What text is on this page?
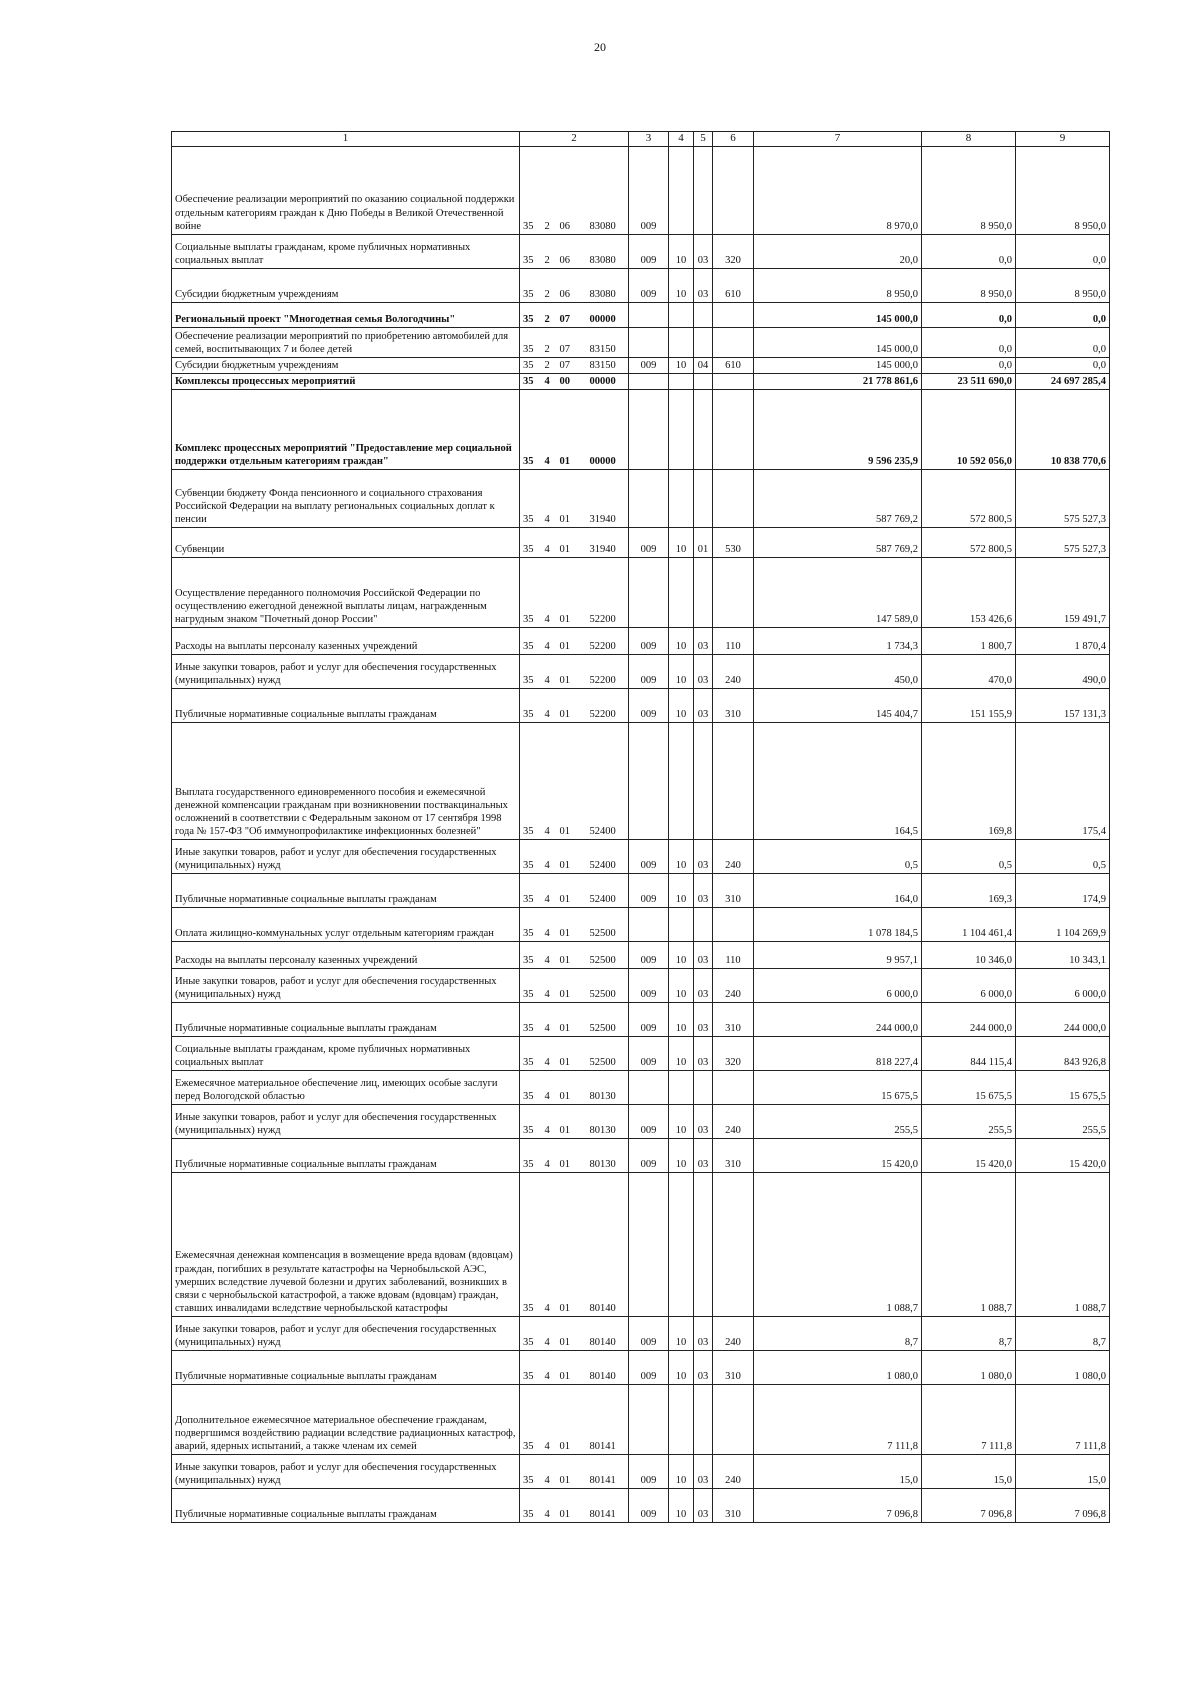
20
1	2				3	4	5	6	7	8	9
Обеспечение реализации мероприятий по оказанию социальной поддержки отдельным категориям граждан к Дню Победы в Великой Отечественной войне	35	2	06	83080	009				8 970,0	8 950,0	8 950,0
Социальные выплаты гражданам, кроме публичных нормативных социальных выплат	35	2	06	83080	009	10	03	320	20,0	0,0	0,0
Субсидии бюджетным учреждениям	35	2	06	83080	009	10	03	610	8 950,0	8 950,0	8 950,0
Региональный проект "Многодетная семья Вологодчины"	35	2	07	00000					145 000,0	0,0	0,0
Обеспечение реализации мероприятий по приобретению автомобилей для семей, воспитывающих 7 и более детей	35	2	07	83150					145 000,0	0,0	0,0
Субсидии бюджетным учреждениям	35	2	07	83150	009	10	04	610	145 000,0	0,0	0,0
Комплексы процессных мероприятий	35	4	00	00000					21 778 861,6	23 511 690,0	24 697 285,4
Комплекс процессных мероприятий "Предоставление мер социальной поддержки отдельным категориям граждан"	35	4	01	00000					9 596 235,9	10 592 056,0	10 838 770,6
Субвенции бюджету Фонда пенсионного и социального страхования Российской Федерации на выплату региональных социальных доплат к пенсии	35	4	01	31940					587 769,2	572 800,5	575 527,3
Субвенции	35	4	01	31940	009	10	01	530	587 769,2	572 800,5	575 527,3
Осуществление переданного полномочия Российской Федерации по осуществлению ежегодной денежной выплаты лицам, награжденным нагрудным знаком "Почетный донор России"	35	4	01	52200					147 589,0	153 426,6	159 491,7
Расходы на выплаты персоналу казенных учреждений	35	4	01	52200	009	10	03	110	1 734,3	1 800,7	1 870,4
Иные закупки товаров, работ и услуг для обеспечения государственных (муниципальных) нужд	35	4	01	52200	009	10	03	240	450,0	470,0	490,0
Публичные нормативные социальные выплаты гражданам	35	4	01	52200	009	10	03	310	145 404,7	151 155,9	157 131,3
Выплата государственного единовременного пособия и ежемесячной денежной компенсации гражданам при возникновении поствакцинальных осложнений в соответствии с Федеральным законом от 17 сентября 1998 года № 157-ФЗ "Об иммунопрофилактике инфекционных болезней"	35	4	01	52400					164,5	169,8	175,4
Иные закупки товаров, работ и услуг для обеспечения государственных (муниципальных) нужд	35	4	01	52400	009	10	03	240	0,5	0,5	0,5
Публичные нормативные социальные выплаты гражданам	35	4	01	52400	009	10	03	310	164,0	169,3	174,9
Оплата жилищно-коммунальных услуг отдельным категориям граждан	35	4	01	52500					1 078 184,5	1 104 461,4	1 104 269,9
Расходы на выплаты персоналу казенных учреждений	35	4	01	52500	009	10	03	110	9 957,1	10 346,0	10 343,1
Иные закупки товаров, работ и услуг для обеспечения государственных (муниципальных) нужд	35	4	01	52500	009	10	03	240	6 000,0	6 000,0	6 000,0
Публичные нормативные социальные выплаты гражданам	35	4	01	52500	009	10	03	310	244 000,0	244 000,0	244 000,0
Социальные выплаты гражданам, кроме публичных нормативных социальных выплат	35	4	01	52500	009	10	03	320	818 227,4	844 115,4	843 926,8
Ежемесячное материальное обеспечение лиц, имеющих особые заслуги перед Вологодской областью	35	4	01	80130					15 675,5	15 675,5	15 675,5
Иные закупки товаров, работ и услуг для обеспечения государственных (муниципальных) нужд	35	4	01	80130	009	10	03	240	255,5	255,5	255,5
Публичные нормативные социальные выплаты гражданам	35	4	01	80130	009	10	03	310	15 420,0	15 420,0	15 420,0
Ежемесячная денежная компенсация в возмещение вреда вдовам (вдовцам) граждан, погибших в результате катастрофы на Чернобыльской АЭС, умерших вследствие лучевой болезни и других заболеваний, возникших в связи с чернобыльской катастрофой, а также вдовам (вдовцам) граждан, ставших инвалидами вследствие чернобыльской катастрофы	35	4	01	80140					1 088,7	1 088,7	1 088,7
Иные закупки товаров, работ и услуг для обеспечения государственных (муниципальных) нужд	35	4	01	80140	009	10	03	240	8,7	8,7	8,7
Публичные нормативные социальные выплаты гражданам	35	4	01	80140	009	10	03	310	1 080,0	1 080,0	1 080,0
Дополнительное ежемесячное материальное обеспечение гражданам, подвергшимся воздействию радиации вследствие радиационных катастроф, аварий, ядерных испытаний, а также членам их семей	35	4	01	80141					7 111,8	7 111,8	7 111,8
Иные закупки товаров, работ и услуг для обеспечения государственных (муниципальных) нужд	35	4	01	80141	009	10	03	240	15,0	15,0	15,0
Публичные нормативные социальные выплаты гражданам	35	4	01	80141	009	10	03	310	7 096,8	7 096,8	7 096,8
